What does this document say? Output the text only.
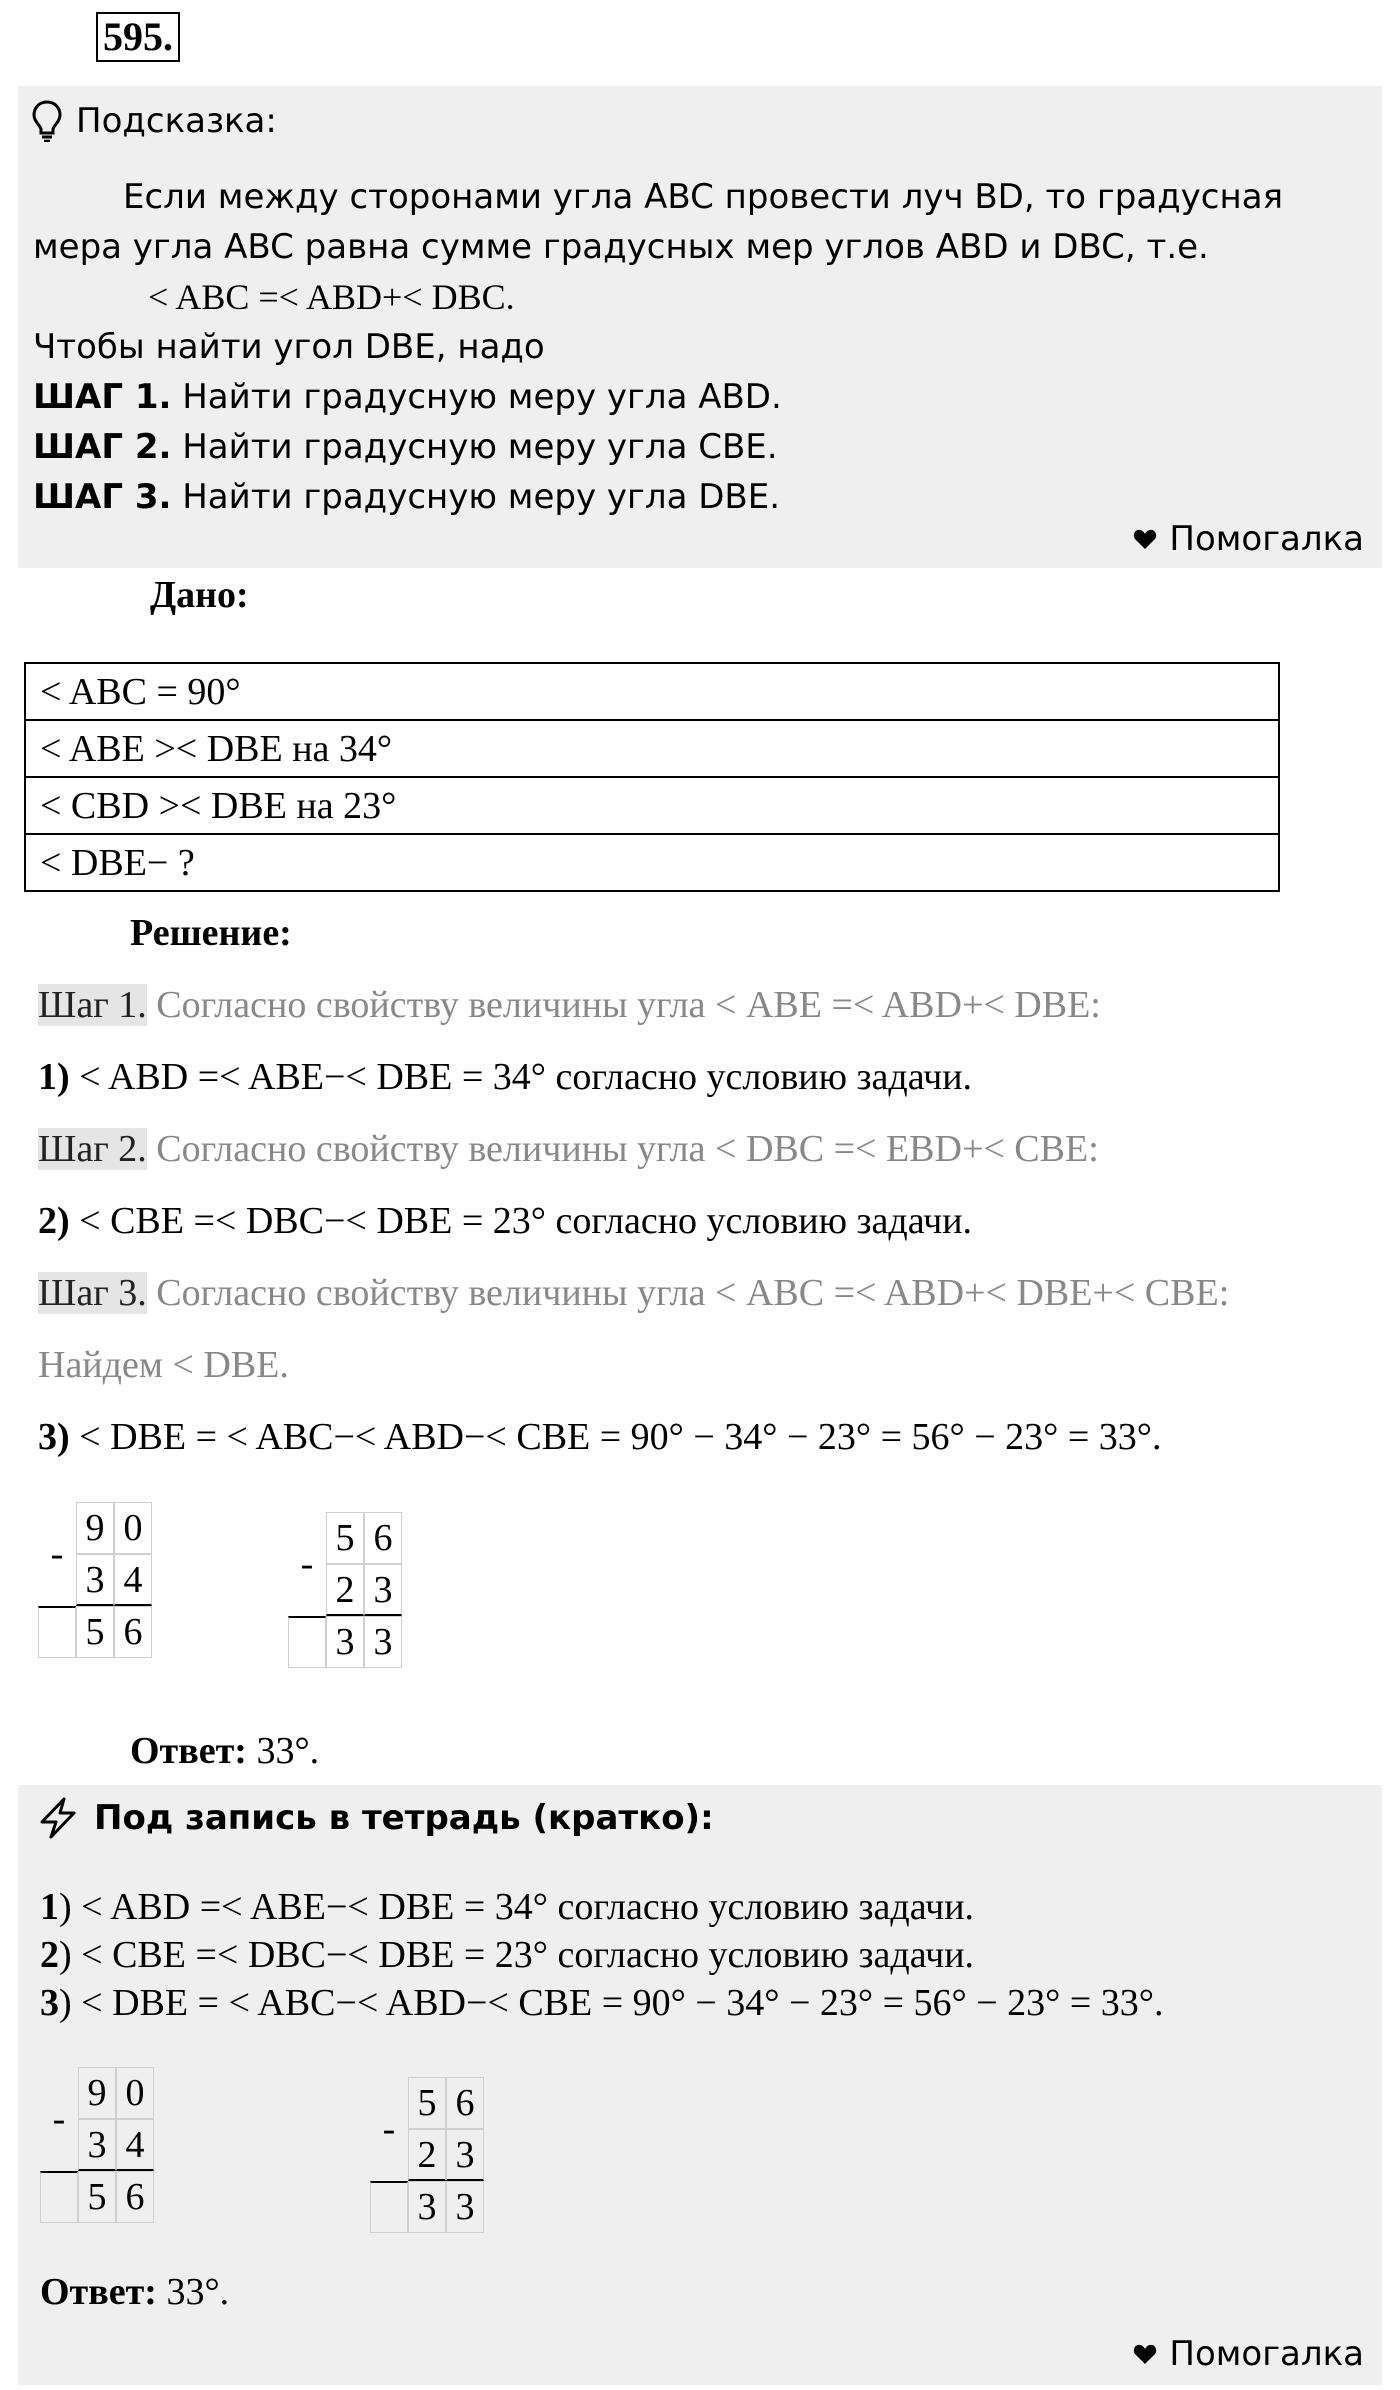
595.
Подсказка:
Если между сторонами угла ABC провести луч BD, то градусная мера угла ABC равна сумме градусных мер углов ABD и DBC, т.е.
< ABC =< ABD+< DBC.
Чтобы найти угол DBE, надо
ШАГ 1. Найти градусную меру угла ABD.
ШАГ 2. Найти градусную меру угла CBE.
ШАГ 3. Найти градусную меру угла DBE.
Помогалка
Дано:
< ABC = 90°
< ABE >< DBE на 34°
< CBD >< DBE на 23°
< DBE− ?
Решение:
Шаг 1. Согласно свойству величины угла < ABE =< ABD+< DBE:
1) < ABD =< ABE−< DBE = 34° согласно условию задачи.
Шаг 2. Согласно свойству величины угла < DBC =< EBD+< CBE:
2) < CBE =< DBC−< DBE = 23° согласно условию задачи.
Шаг 3. Согласно свойству величины угла < ABC =< ABD+< DBE+< CBE:
Найдем < DBE.
3) < DBE = < ABC−< ABD−< CBE = 90° − 34° − 23° = 56° − 23° = 33°.
-
9 0
3 4
5 6
-
5 6
2 3
3 3
Ответ: 33°.
Под запись в тетрадь (кратко):
1) < ABD =< ABE−< DBE = 34° согласно условию задачи.
2) < CBE =< DBC−< DBE = 23° согласно условию задачи.
3) < DBE = < ABC−< ABD−< CBE = 90° − 34° − 23° = 56° − 23° = 33°.
-
9 0
3 4
5 6
-
5 6
2 3
3 3
Ответ: 33°.
Помогалка
